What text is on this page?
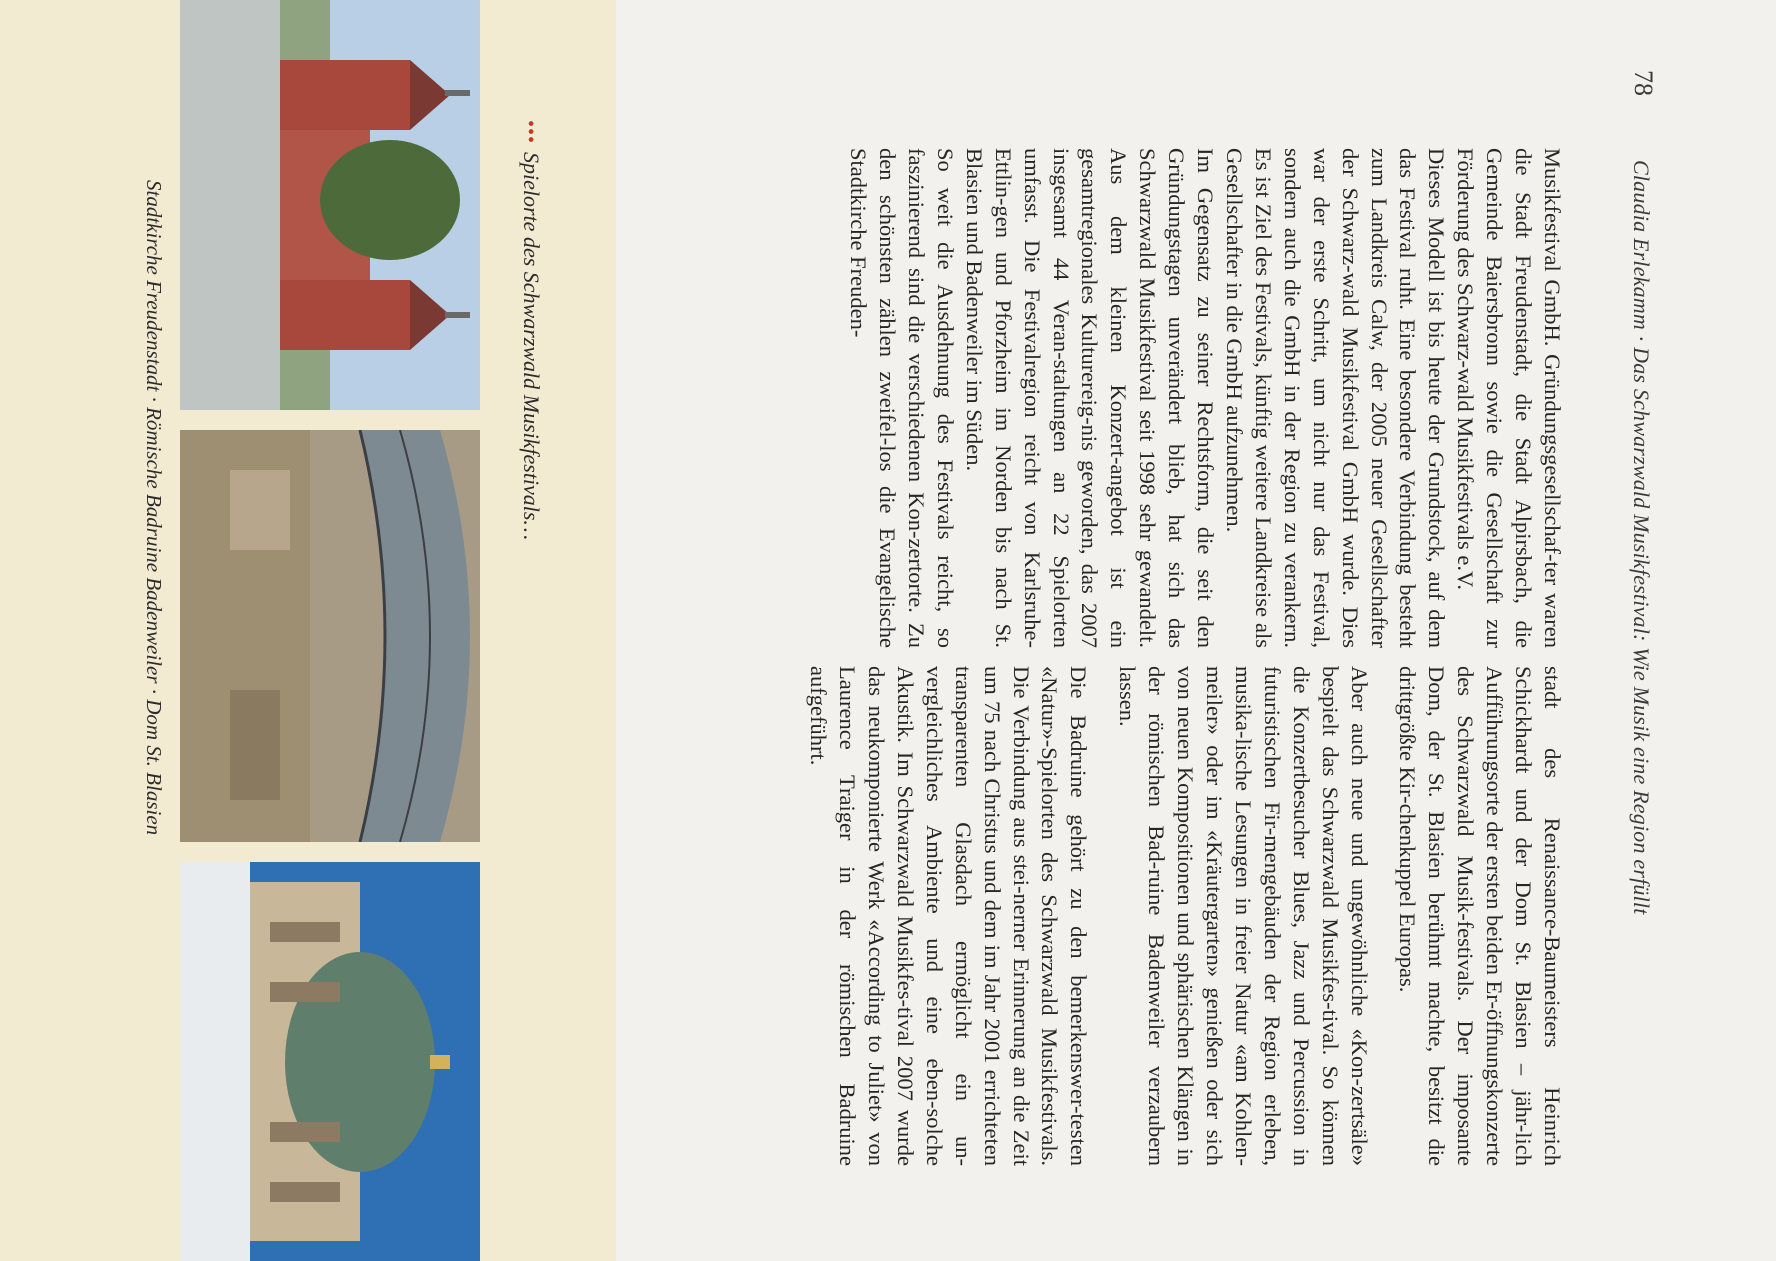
78
Claudia Erlekamm · Das Schwarzwald Musikfestival: Wie Musik eine Region erfüllt

Musikfestival GmbH. Gründungsgesellschaf-ter waren die Stadt Freudenstadt, die Stadt Alpirsbach, die Gemeinde Baiersbronn sowie die Gesellschaft zur Förderung des Schwarz-wald Musikfestivals e.V.

Dieses Modell ist bis heute der Grundstock, auf dem das Festival ruht. Eine besondere Verbindung besteht zum Landkreis Calw, der 2005 neuer Gesellschafter der Schwarz-wald Musikfestival GmbH wurde. Dies war der erste Schritt, um nicht nur das Festival, sondern auch die GmbH in der Region zu verankern. Es ist Ziel des Festivals, künftig weitere Landkreise als Gesellschafter in die GmbH aufzunehmen.

Im Gegensatz zu seiner Rechtsform, die seit den Gründungstagen unverändert blieb, hat sich das Schwarzwald Musikfestival seit 1998 sehr gewandelt. Aus dem kleinen Konzert-angebot ist ein gesamtregionales Kulturereig-nis geworden, das 2007 insgesamt 44 Veran-staltungen an 22 Spielorten umfasst. Die Festivalregion reicht von Karlsruhe-Ettlin-gen und Pforzheim im Norden bis nach St. Blasien und Badenweiler im Süden.

So weit die Ausdehnung des Festivals reicht, so faszinierend sind die verschiedenen Kon-zertorte. Zu den schönsten zählen zweifel-los die Evangelische Stadtkirche Freuden-

stadt des Renaissance-Baumeisters Heinrich Schickhardt und der Dom St. Blasien – jähr-lich Aufführungsorte der ersten beiden Er-öffnungskonzerte des Schwarzwald Musik-festivals. Der imposante Dom, der St. Blasien berühmt machte, besitzt die drittgrößte Kir-chenkuppel Europas.

Aber auch neue und ungewöhnliche «Kon-zertsäle» bespielt das Schwarzwald Musikfes-tival. So können die Konzertbesucher Blues, Jazz und Percussion in futuristischen Fir-mengebäuden der Region erleben, musika-lische Lesungen in freier Natur «am Kohlen-meiler» oder im «Kräutergarten» genießen oder sich von neuen Kompositionen und sphärischen Klängen in der römischen Bad-ruine Badenweiler verzaubern lassen.

Die Badruine gehört zu den bemerkenswer-testen «Natur»-Spielorten des Schwarzwald Musikfestivals. Die Verbindung aus stei-nerner Erinnerung an die Zeit um 75 nach Christus und dem im Jahr 2001 errichteten transparenten Glasdach ermöglicht ein un-vergleichliches Ambiente und eine eben-solche Akustik. Im Schwarzwald Musikfes-tival 2007 wurde das neukomponierte Werk «According to Juliet» von Laurence Traiger in der römischen Badruine aufgeführt.

•••Spielorte des Schwarzwald Musikfestivals…
Stadtkirche Freudenstadt · Römische Badruine Badenweiler · Dom St. Blasien
